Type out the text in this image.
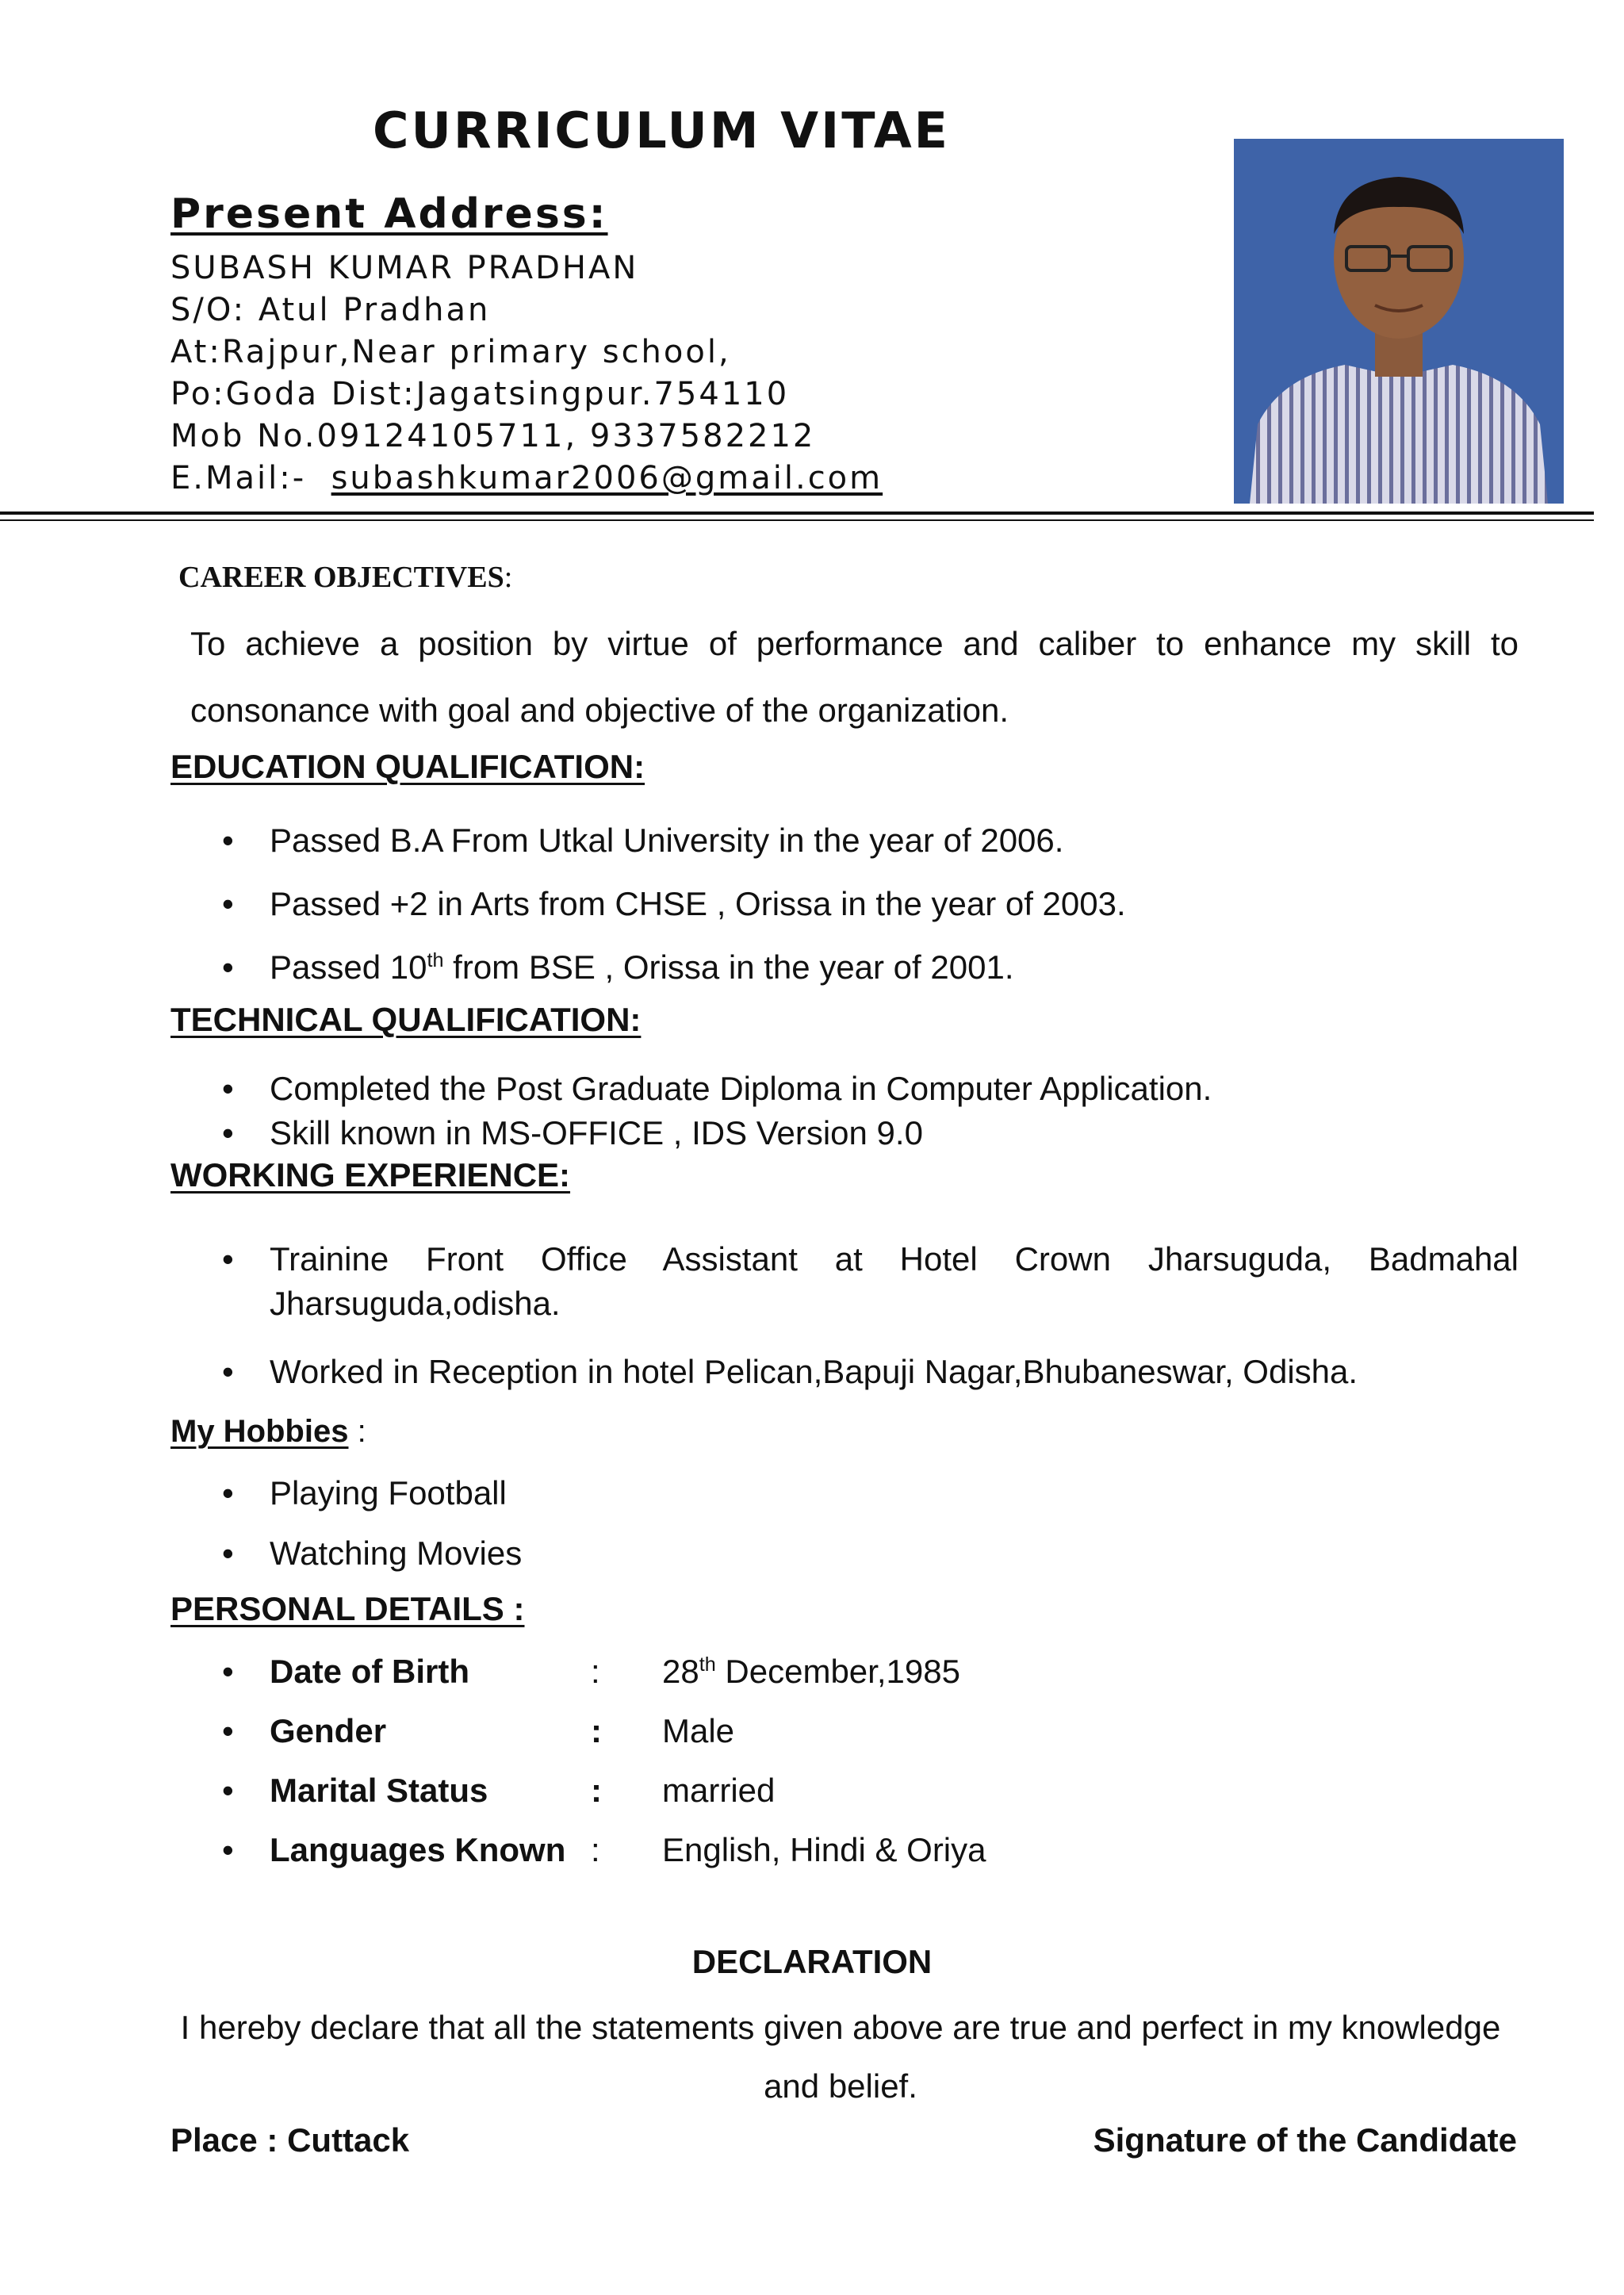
CURRICULUM VITAE
Present Address:
SUBASH KUMAR PRADHAN
S/O: Atul Pradhan
At:Rajpur,Near primary school,
Po:Goda Dist:Jagatsingpur.754110
Mob No.09124105711, 9337582212
E.Mail:- subashkumar2006@gmail.com
CAREER OBJECTIVES:

To achieve a position by virtue of performance and caliber to enhance my skill to consonance with goal and objective of the organization.

EDUCATION QUALIFICATION:
• Passed B.A From Utkal University in the year of 2006.
• Passed +2 in Arts from CHSE , Orissa in the year of 2003.
• Passed 10th from BSE , Orissa in the year of 2001.
TECHNICAL QUALIFICATION:
• Completed the Post Graduate Diploma in Computer Application.
• Skill known in MS-OFFICE , IDS Version 9.0
WORKING EXPERIENCE:
• Trainine Front Office Assistant at Hotel Crown Jharsuguda, Badmahal
Jharsuguda,odisha.
• Worked in Reception in hotel Pelican,Bapuji Nagar,Bhubaneswar, Odisha.
My Hobbies :
• Playing Football
• Watching Movies
PERSONAL DETAILS :
• Date of Birth	: 28th December,1985
• Gender	: Male
• Marital Status	: married
• Languages Known : English, Hindi & Oriya
DECLARATION

I hereby declare that all the statements given above are true and perfect in my knowledge and belief.

Place : Cuttack	Signature of the Candidate
